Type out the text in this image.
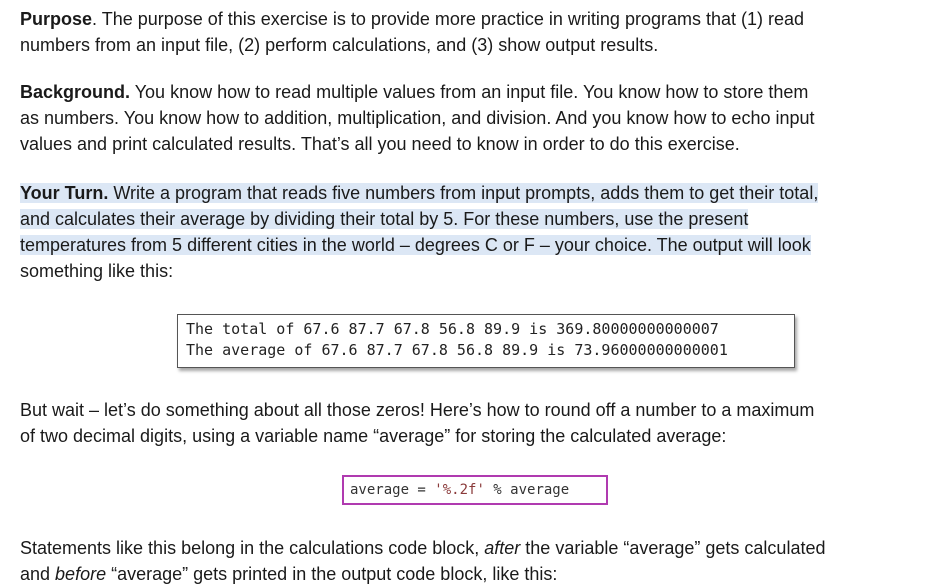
Purpose. The purpose of this exercise is to provide more practice in writing programs that (1) read
numbers from an input file, (2) perform calculations, and (3) show output results.
Background. You know how to read multiple values from an input file. You know how to store them
as numbers. You know how to addition, multiplication, and division. And you know how to echo input
values and print calculated results. That’s all you need to know in order to do this exercise.
Your Turn. Write a program that reads five numbers from input prompts, adds them to get their total,
and calculates their average by dividing their total by 5. For these numbers, use the present
temperatures from 5 different cities in the world – degrees C or F – your choice. The output will look
something like this:
The total of 67.6 87.7 67.8 56.8 89.9 is 369.80000000000007
The average of 67.6 87.7 67.8 56.8 89.9 is 73.96000000000001
But wait – let’s do something about all those zeros! Here’s how to round off a number to a maximum
of two decimal digits, using a variable name “average” for storing the calculated average:
average = '%.2f' % average
Statements like this belong in the calculations code block, after the variable “average” gets calculated
and before “average” gets printed in the output code block, like this:
